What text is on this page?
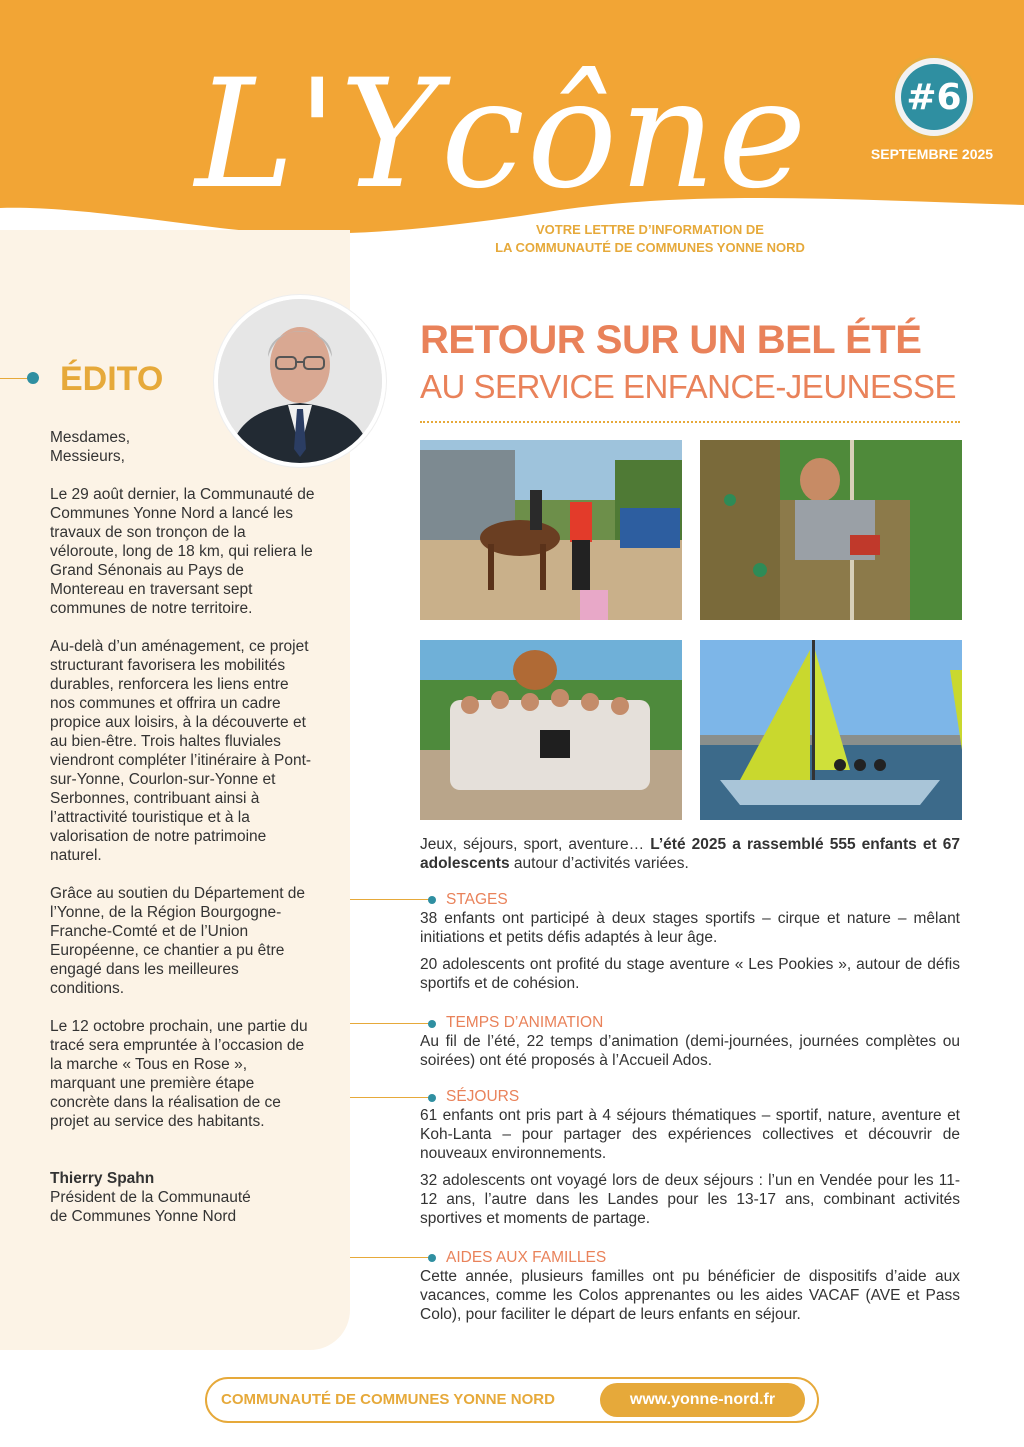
L'Ycône	#6
SEPTEMBRE 2025
VOTRE LETTRE D’INFORMATION DE
LA COMMUNAUTÉ DE COMMUNES YONNE NORD
ÉDITO

Mesdames,
Messieurs,

Le 29 août dernier, la Communauté de Communes Yonne Nord a lancé les travaux de son tronçon de la véloroute, long de 18 km, qui reliera le Grand Sénonais au Pays de Montereau en traversant sept communes de notre territoire.

Au-delà d’un aménagement, ce projet structurant favorisera les mobilités durables, renforcera les liens entre nos communes et offrira un cadre propice aux loisirs, à la découverte et au bien-être. Trois haltes fluviales viendront compléter l’itinéraire à Pont-sur-Yonne, Courlon-sur-Yonne et Serbonnes, contribuant ainsi à l’attractivité touristique et à la valorisation de notre patrimoine naturel.

Grâce au soutien du Département de l’Yonne, de la Région Bourgogne-Franche-Comté et de l’Union Européenne, ce chantier a pu être engagé dans les meilleures conditions.

Le 12 octobre prochain, une partie du tracé sera empruntée à l’occasion de la marche « Tous en Rose », marquant une première étape concrète dans la réalisation de ce projet au service des habitants.

Thierry Spahn
Président de la Communauté
de Communes Yonne Nord
RETOUR SUR UN BEL ÉTÉ
AU SERVICE ENFANCE-JEUNESSE
Jeux, séjours, sport, aventure… L’été 2025 a rassemblé 555 enfants et 67 adolescents autour d’activités variées.
STAGES

38 enfants ont participé à deux stages sportifs – cirque et nature – mêlant initiations et petits défis adaptés à leur âge.

20 adolescents ont profité du stage aventure « Les Pookies », autour de défis sportifs et de cohésion.

TEMPS D’ANIMATION

Au fil de l’été, 22 temps d’animation (demi-journées, journées complètes ou soirées) ont été proposés à l’Accueil Ados.

SÉJOURS

61 enfants ont pris part à 4 séjours thématiques – sportif, nature, aventure et Koh-Lanta – pour partager des expériences collectives et découvrir de nouveaux environnements.

32 adolescents ont voyagé lors de deux séjours : l’un en Vendée pour les 11-12 ans, l’autre dans les Landes pour les 13-17 ans, combinant activités sportives et moments de partage.

AIDES AUX FAMILLES

Cette année, plusieurs familles ont pu bénéficier de dispositifs d’aide aux vacances, comme les Colos apprenantes ou les aides VACAF (AVE et Pass Colo), pour faciliter le départ de leurs enfants en séjour.

COMMUNAUTÉ DE COMMUNES YONNE NORD	www.yonne-nord.fr
